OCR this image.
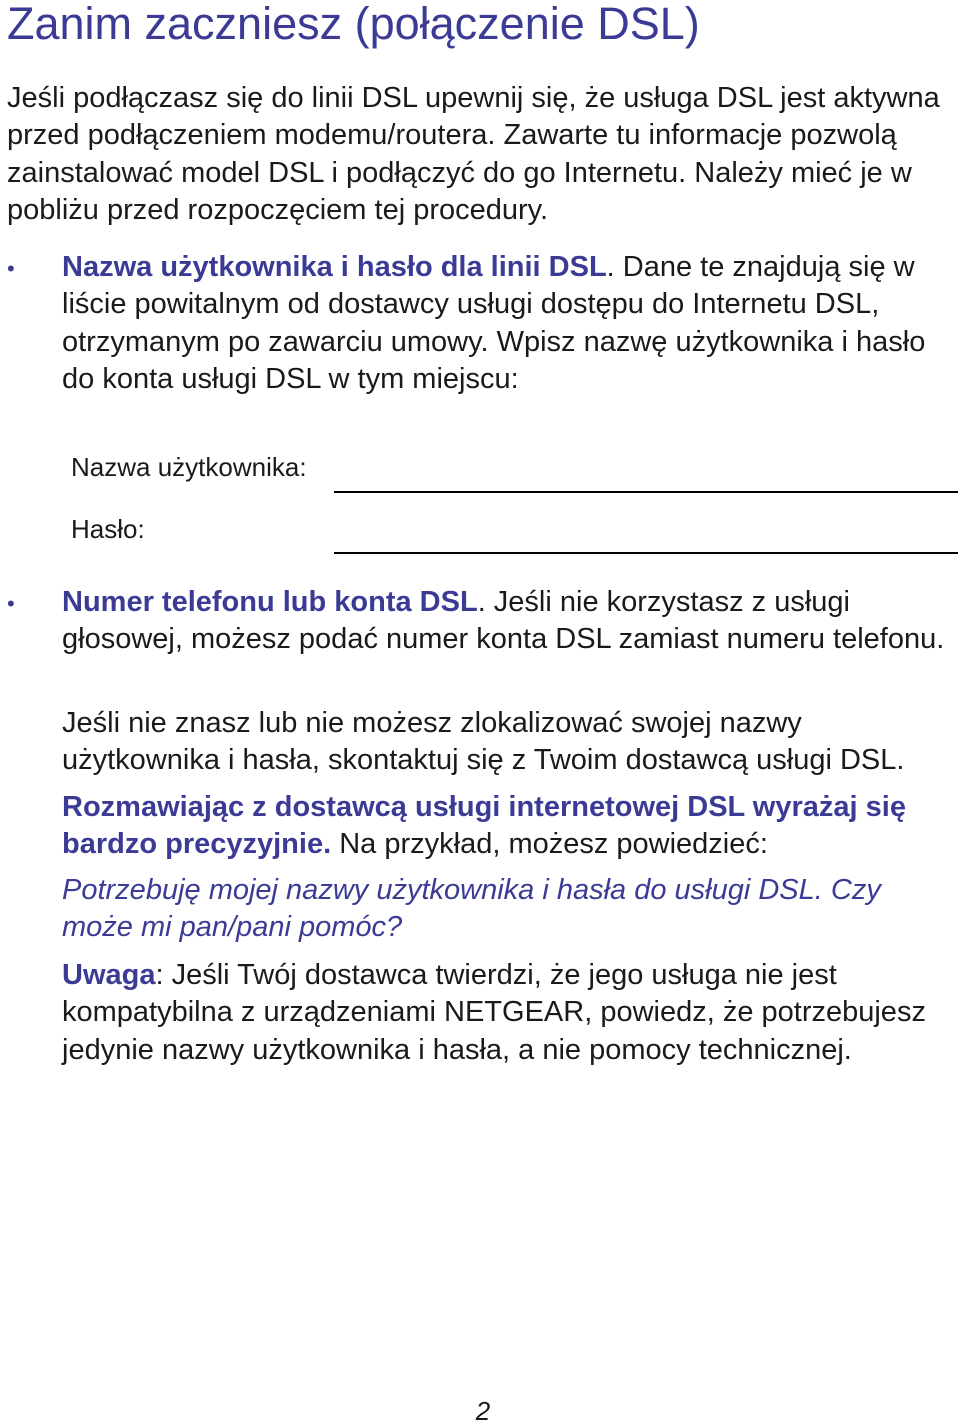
Zanim zaczniesz (połączenie DSL)

Jeśli podłączasz się do linii DSL upewnij się, że usługa DSL jest aktywna przed podłączeniem modemu/routera. Zawarte tu informacje pozwolą zainstalować model DSL i podłączyć do go Internetu. Należy mieć je w pobliżu przed rozpoczęciem tej procedury.

• Nazwa użytkownika i hasło dla linii DSL. Dane te znajdują się w liście powitalnym od dostawcy usługi dostępu do Internetu DSL, otrzymanym po zawarciu umowy. Wpisz nazwę użytkownika i hasło do konta usługi DSL w tym miejscu:

Nazwa użytkownika:
Hasło:
• Numer telefonu lub konta DSL. Jeśli nie korzystasz z usługi głosowej, możesz podać numer konta DSL zamiast numeru telefonu.

Jeśli nie znasz lub nie możesz zlokalizować swojej nazwy użytkownika i hasła, skontaktuj się z Twoim dostawcą usługi DSL.

Rozmawiając z dostawcą usługi internetowej DSL wyrażaj się bardzo precyzyjnie. Na przykład, możesz powiedzieć:

Potrzebuję mojej nazwy użytkownika i hasła do usługi DSL. Czy może mi pan/pani pomóc?

Uwaga: Jeśli Twój dostawca twierdzi, że jego usługa nie jest kompatybilna z urządzeniami NETGEAR, powiedz, że potrzebujesz jedynie nazwy użytkownika i hasła, a nie pomocy technicznej.

2
